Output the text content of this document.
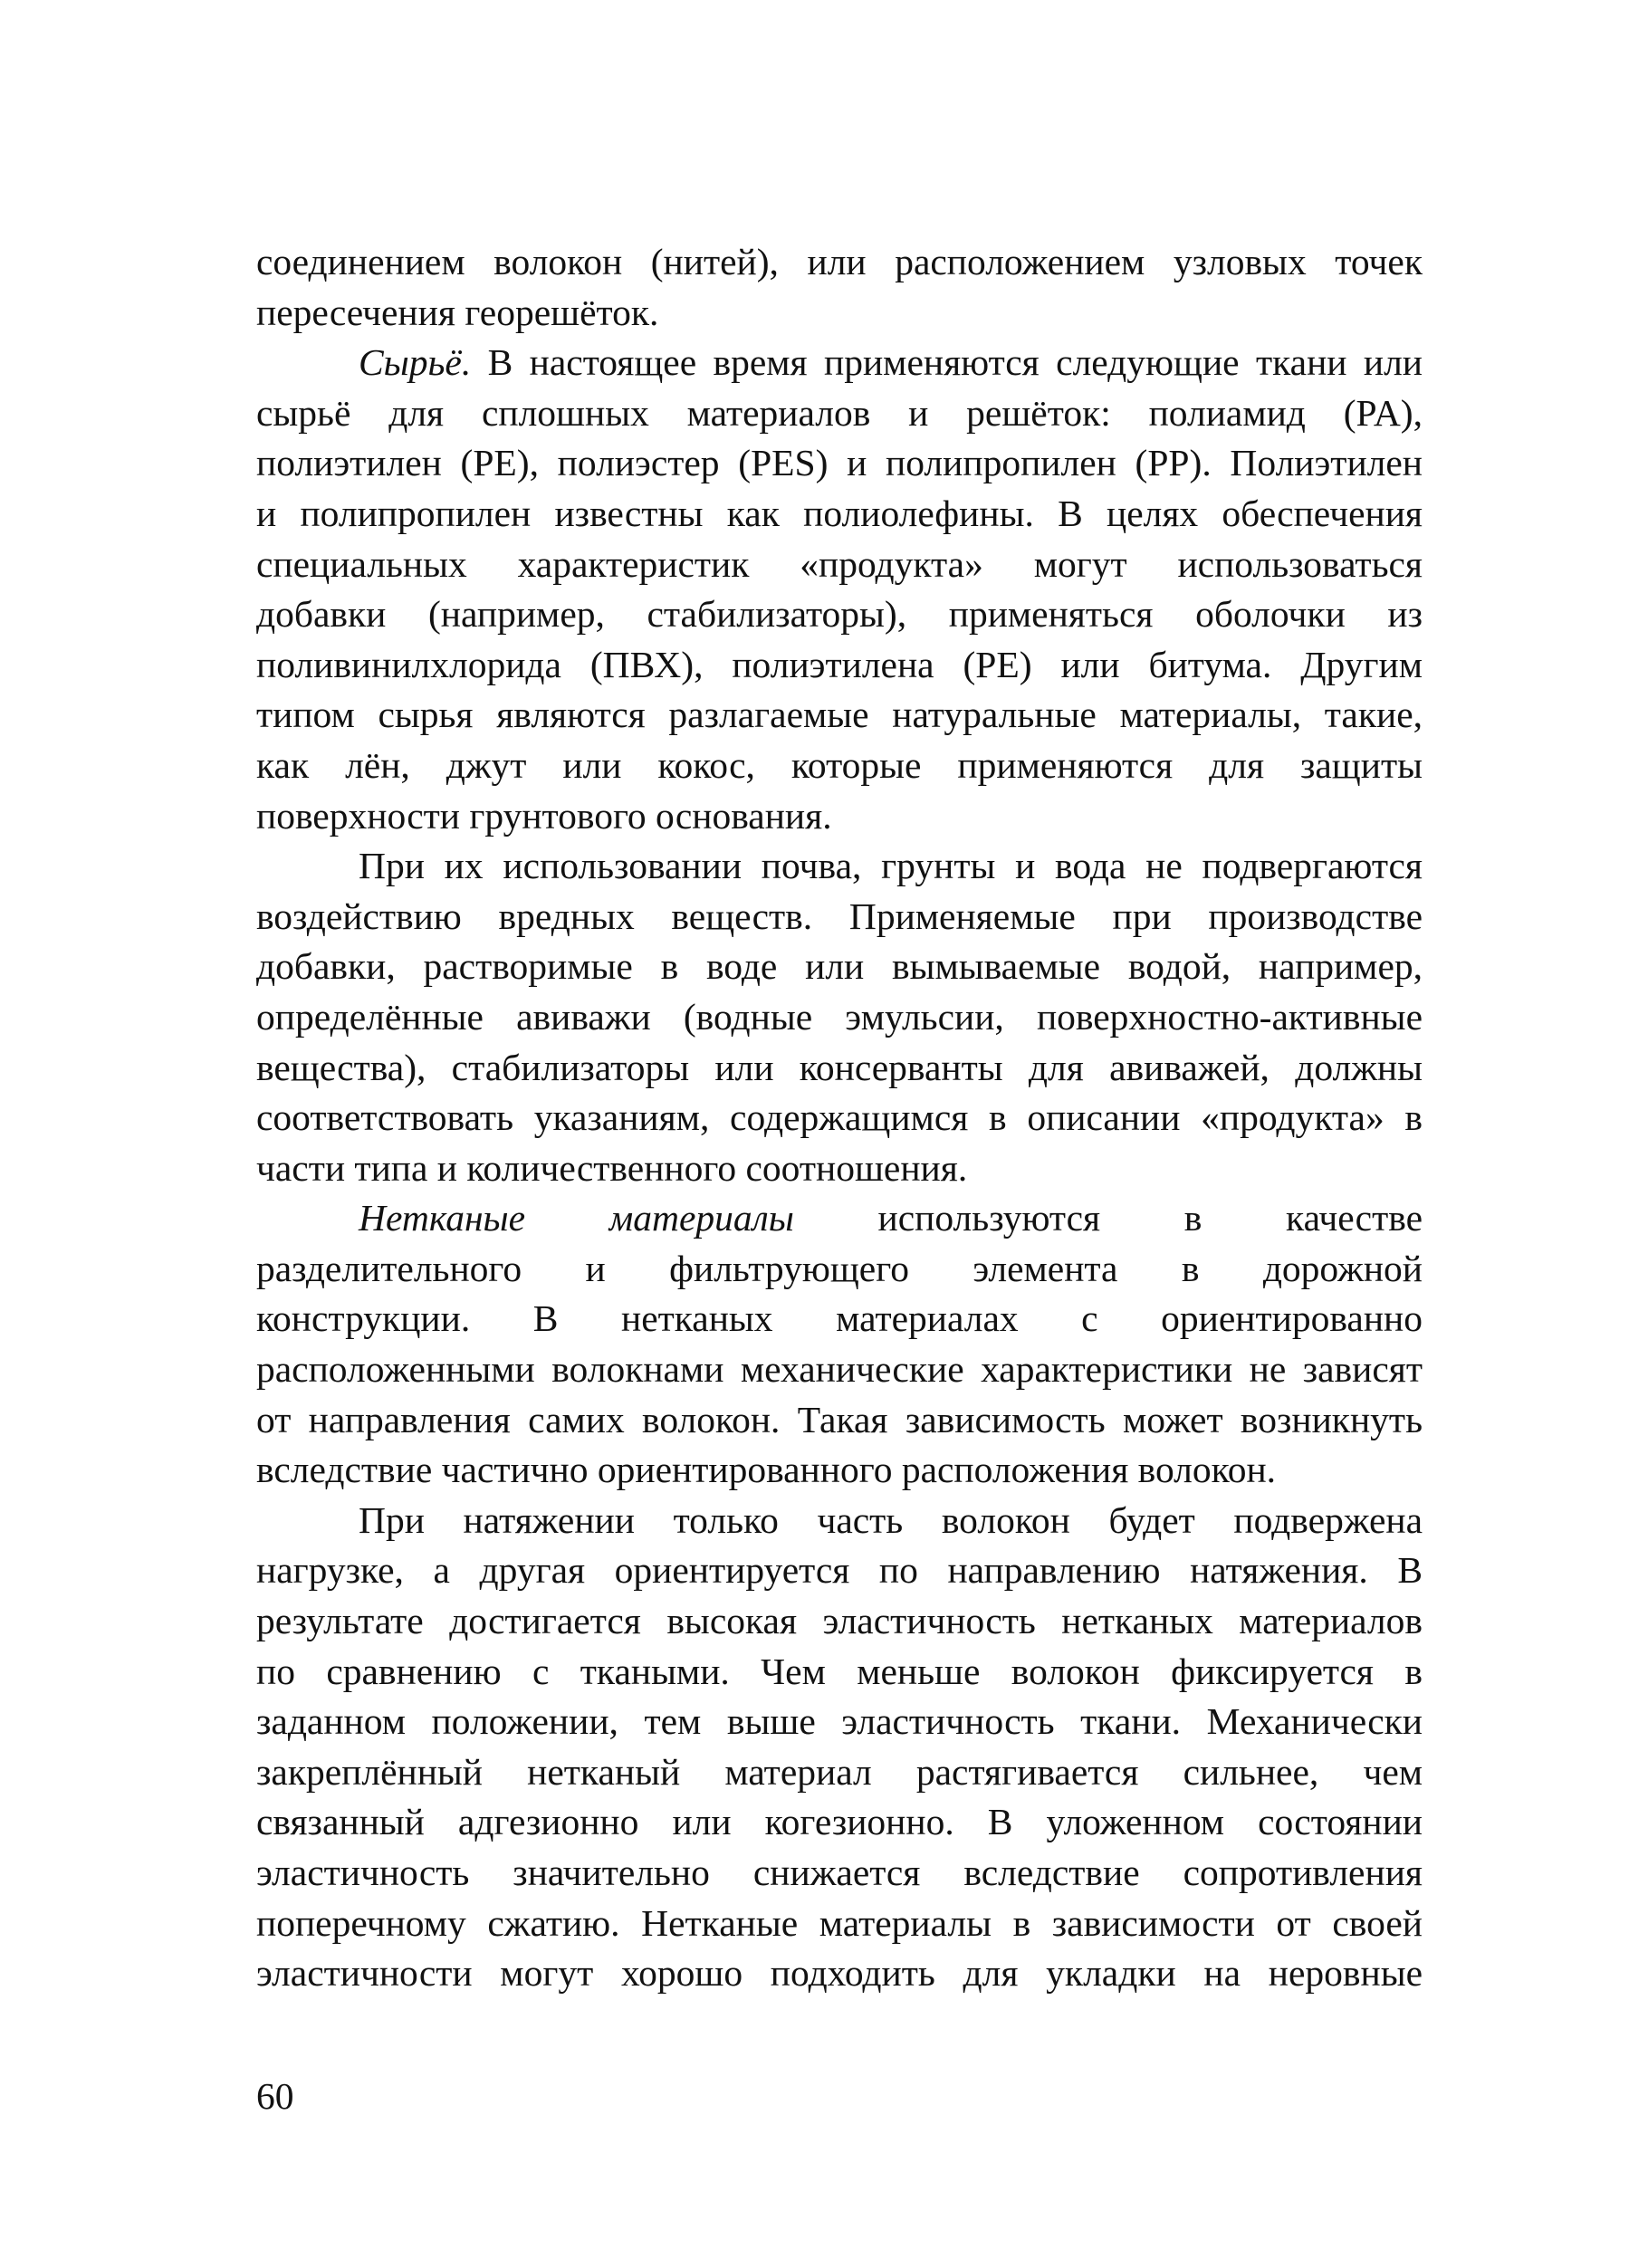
соединением волокон (нитей), или расположением узловых точек
пересечения георешёток.
Сырьё. В настоящее время применяются следующие ткани или
сырьё для сплошных материалов и решёток: полиамид (PA),
полиэтилен (PE), полиэстер (PES) и полипропилен (PP). Полиэтилен
и полипропилен известны как полиолефины. В целях обеспечения
специальных характеристик «продукта» могут использоваться
добавки (например, стабилизаторы), применяться оболочки из
поливинилхлорида (ПВХ), полиэтилена (PE) или битума. Другим
типом сырья являются разлагаемые натуральные материалы, такие,
как лён, джут или кокос, которые применяются для защиты
поверхности грунтового основания.
При их использовании почва, грунты и вода не подвергаются
воздействию вредных веществ. Применяемые при производстве
добавки, растворимые в воде или вымываемые водой, например,
определённые авиважи (водные эмульсии, поверхностно-активные
вещества), стабилизаторы или консерванты для авиважей, должны
соответствовать указаниям, содержащимся в описании «продукта» в
части типа и количественного соотношения.
Нетканые материалы используются в качестве
разделительного и фильтрующего элемента в дорожной
конструкции. В нетканых материалах с ориентированно
расположенными волокнами механические характеристики не зависят
от направления самих волокон. Такая зависимость может возникнуть
вследствие частично ориентированного расположения волокон.
При натяжении только часть волокон будет подвержена
нагрузке, а другая ориентируется по направлению натяжения. В
результате достигается высокая эластичность нетканых материалов
по сравнению с ткаными. Чем меньше волокон фиксируется в
заданном положении, тем выше эластичность ткани. Механически
закреплённый нетканый материал растягивается сильнее, чем
связанный адгезионно или когезионно. В уложенном состоянии
эластичность значительно снижается вследствие сопротивления
поперечному сжатию. Нетканые материалы в зависимости от своей
эластичности могут хорошо подходить для укладки на неровные
60
